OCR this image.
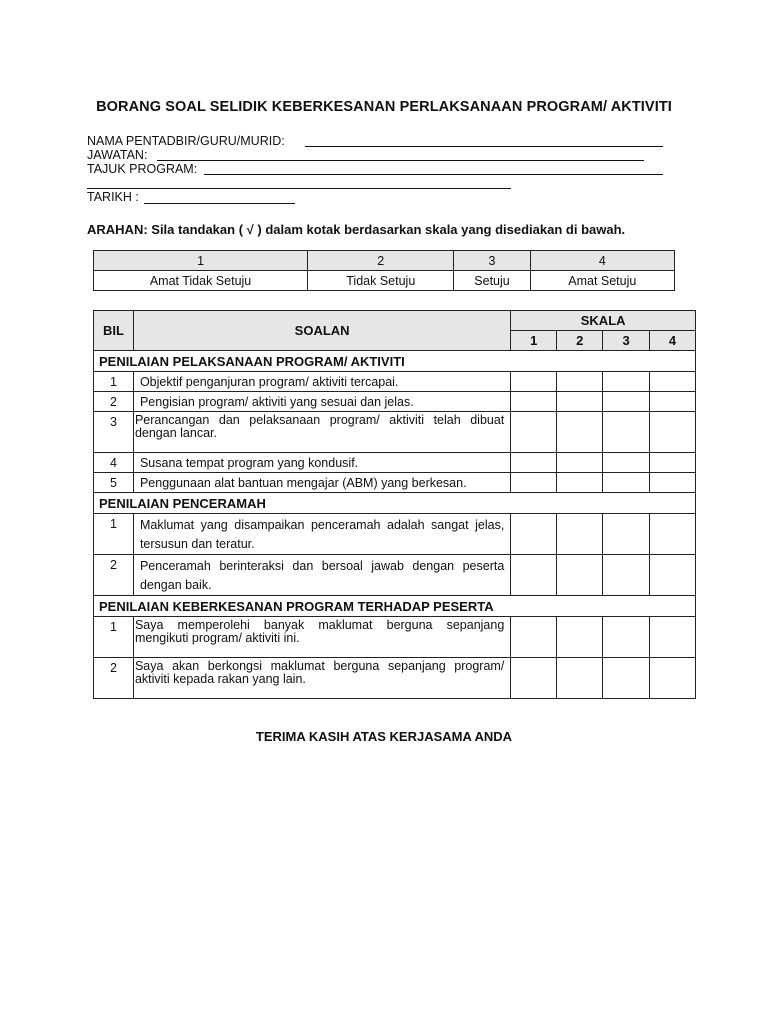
BORANG SOAL SELIDIK KEBERKESANAN PERLAKSANAAN PROGRAM/ AKTIVITI
NAMA PENTADBIR/GURU/MURID:
JAWATAN:
TAJUK PROGRAM:
TARIKH :
ARAHAN: Sila tandakan ( √ ) dalam kotak berdasarkan skala yang disediakan di bawah.
1	2	3	4
Amat Tidak Setuju	Tidak Setuju	Setuju	Amat Setuju
BIL	SOALAN	SKALA			
		1	2	3	4
PENILAIAN PELAKSANAAN PROGRAM/ AKTIVITI					
1	Objektif penganjuran program/ aktiviti tercapai.				
2	Pengisian program/ aktiviti yang sesuai dan jelas.				
3	Perancangan dan pelaksanaan program/ aktiviti telah dibuat dengan lancar.				
4	Susana tempat program yang kondusif.				
5	Penggunaan alat bantuan mengajar (ABM) yang berkesan.				
PENILAIAN PENCERAMAH					
1	Maklumat yang disampaikan penceramah adalah sangat jelas, tersusun dan teratur.				
2	Penceramah berinteraksi dan bersoal jawab dengan peserta dengan baik.				
PENILAIAN KEBERKESANAN PROGRAM TERHADAP PESERTA					
1	Saya memperolehi banyak maklumat berguna sepanjang mengikuti program/ aktiviti ini.				
2	Saya akan berkongsi maklumat berguna sepanjang program/ aktiviti kepada rakan yang lain.				
TERIMA KASIH ATAS KERJASAMA ANDA
